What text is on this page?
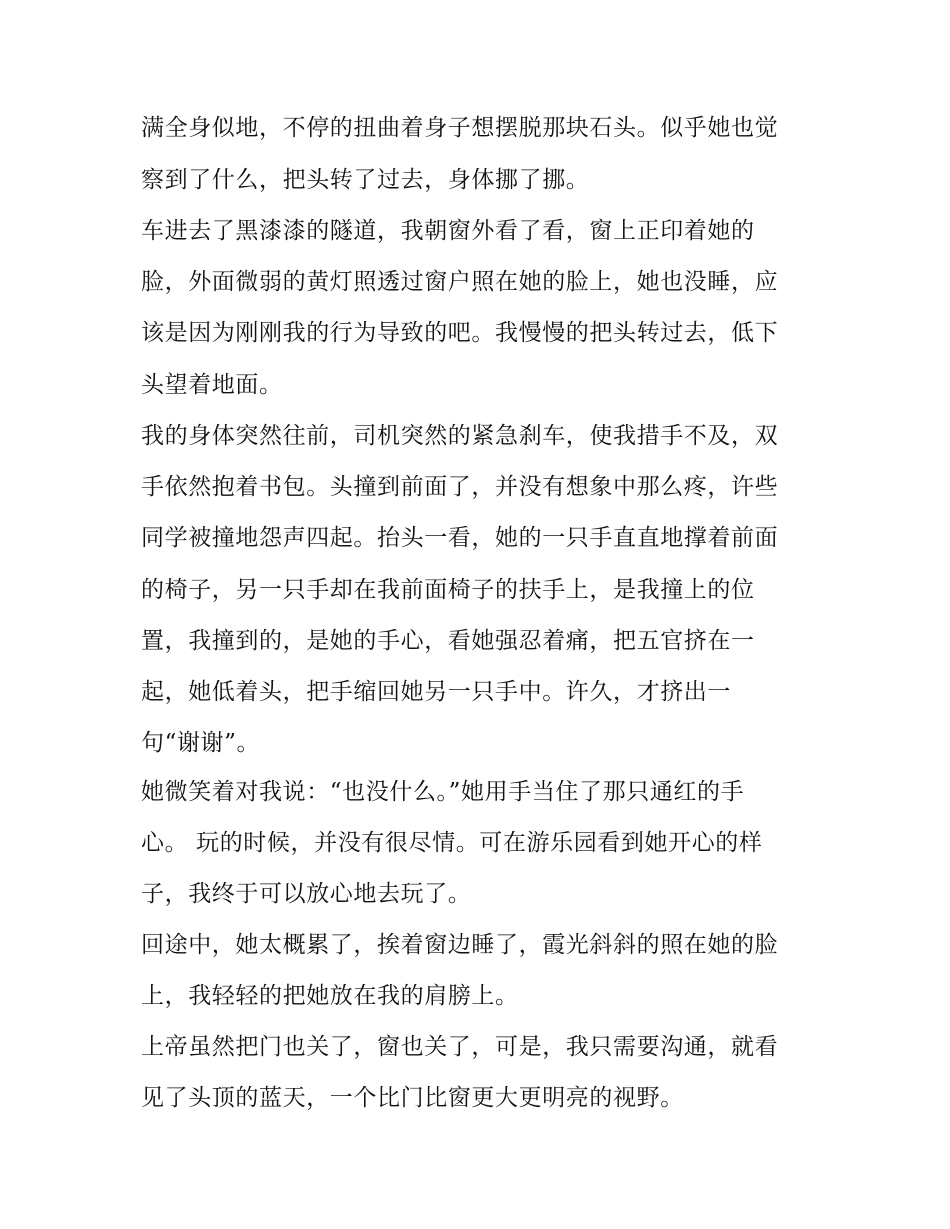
满全身似地，不停的扭曲着身子想摆脱那块石头。似乎她也觉
察到了什么，把头转了过去，身体挪了挪。
车进去了黑漆漆的隧道，我朝窗外看了看，窗上正印着她的
脸，外面微弱的黄灯照透过窗户照在她的脸上，她也没睡，应
该是因为刚刚我的行为导致的吧。我慢慢的把头转过去，低下
头望着地面。
我的身体突然往前，司机突然的紧急刹车，使我措手不及，双
手依然抱着书包。头撞到前面了，并没有想象中那么疼，许些
同学被撞地怨声四起。抬头一看，她的一只手直直地撑着前面
的椅子，另一只手却在我前面椅子的扶手上，是我撞上的位
置，我撞到的，是她的手心，看她强忍着痛，把五官挤在一
起，她低着头，把手缩回她另一只手中。许久，才挤出一
句“谢谢”。
她微笑着对我说：“也没什么。”她用手当住了那只通红的手
心。 玩的时候，并没有很尽情。可在游乐园看到她开心的样
子，我终于可以放心地去玩了。
回途中，她太概累了，挨着窗边睡了，霞光斜斜的照在她的脸
上，我轻轻的把她放在我的肩膀上。
上帝虽然把门也关了，窗也关了，可是，我只需要沟通，就看
见了头顶的蓝天，一个比门比窗更大更明亮的视野。
